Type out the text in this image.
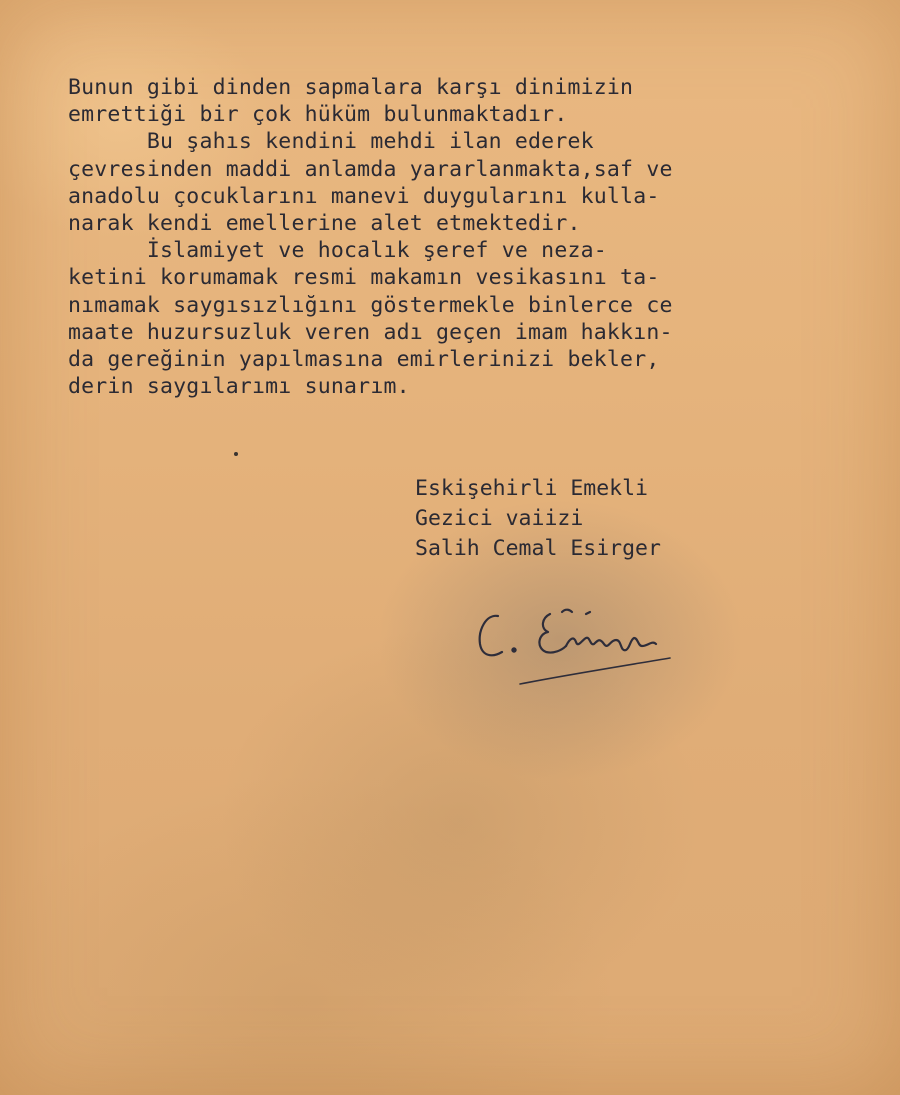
Bunun gibi dinden sapmalara karşı dinimizin
emrettiği bir çok hüküm bulunmaktadır.
Bu şahıs kendini mehdi ilan ederek
çevresinden maddi anlamda yararlanmakta,saf ve
anadolu çocuklarını manevi duygularını kulla-
narak kendi emellerine alet etmektedir.
İslamiyet ve hocalık şeref ve neza-
ketini korumamak resmi makamın vesikasını ta-
nımamak saygısızlığını göstermekle binlerce ce
maate huzursuzluk veren adı geçen imam hakkın-
da gereğinin yapılmasına emirlerinizi bekler,
derin saygılarımı sunarım.
Eskişehirli Emekli
Gezici vaiizi
Salih Cemal Esirger
